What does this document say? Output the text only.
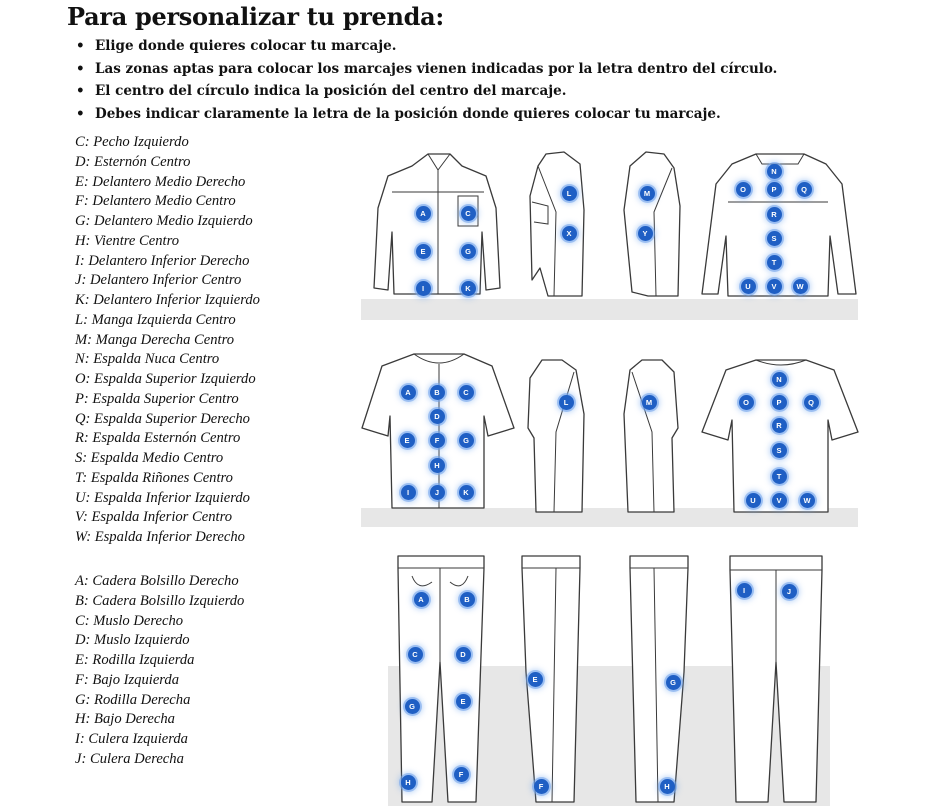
Para personalizar tu prenda:
• Elige donde quieres colocar tu marcaje.
• Las zonas aptas para colocar los marcajes vienen indicadas por la letra dentro del círculo.
• El centro del círculo indica la posición del centro del marcaje.
• Debes indicar claramente la letra de la posición donde quieres colocar tu marcaje.
C: Pecho Izquierdo
D: Esternón Centro
E: Delantero Medio Derecho
F: Delantero Medio Centro
G: Delantero Medio Izquierdo
H: Vientre Centro
I: Delantero Inferior Derecho
J: Delantero Inferior Centro
K: Delantero Inferior Izquierdo
L: Manga Izquierda Centro
M: Manga Derecha Centro
N: Espalda Nuca Centro
O: Espalda Superior Izquierdo
P: Espalda Superior Centro
Q: Espalda Superior Derecho
R: Espalda Esternón Centro
S: Espalda Medio Centro
T: Espalda Riñones Centro
U: Espalda Inferior Izquierdo
V: Espalda Inferior Centro
W: Espalda Inferior Derecho
A: Cadera Bolsillo Derecho
B: Cadera Bolsillo Izquierdo
C: Muslo Derecho
D: Muslo Izquierdo
E: Rodilla Izquierda
F: Bajo Izquierda
G: Rodilla Derecha
H: Bajo Derecha
I: Culera Izquierda
J: Culera Derecha
A	C
E	G
I	K
L
X
M
Y
N
O	P	Q
R
S
T
U	V	W
A	B	C
D
E	F	G
H
I	J	K
L	M
N
O	P	Q
R
S
T
U	V	W
A	B
C	D
G
E
H
F
E
F
G
H
I	J
